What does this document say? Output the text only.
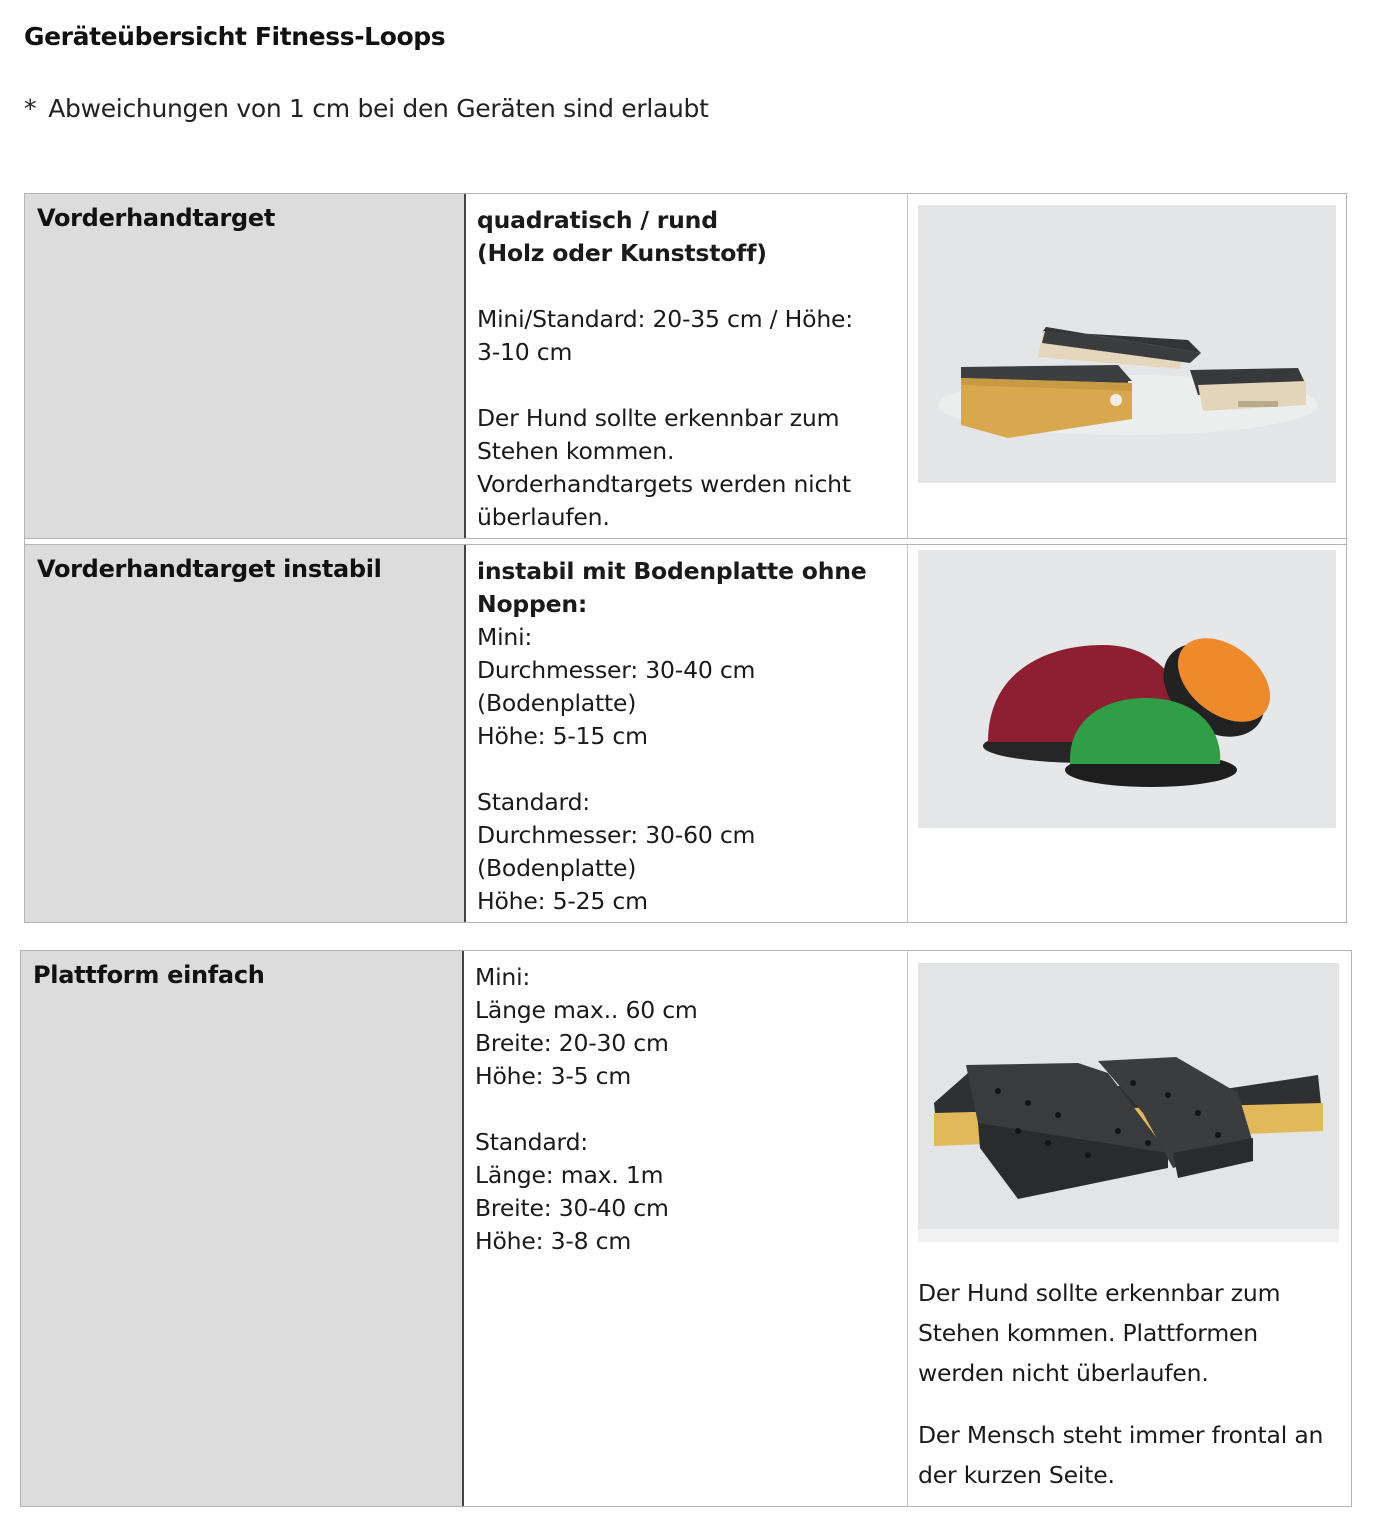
Geräteübersicht Fitness-Loops
* Abweichungen von 1 cm bei den Geräten sind erlaubt
Vorderhandtarget	quadratisch / rund
(Holz oder Kunststoff)
Mini/Standard: 20-35 cm / Höhe:
3-10 cm
Der Hund sollte erkennbar zum
Stehen kommen.
Vorderhandtargets werden nicht
überlaufen.
Vorderhandtarget instabil	instabil mit Bodenplatte ohne
Noppen:
Mini:
Durchmesser: 30-40 cm
(Bodenplatte)
Höhe: 5-15 cm
Standard:
Durchmesser: 30-60 cm
(Bodenplatte)
Höhe: 5-25 cm
Plattform einfach	Mini:
Länge max.. 60 cm
Breite: 20-30 cm
Höhe: 3-5 cm
Standard:
Länge: max. 1m
Breite: 30-40 cm
Höhe: 3-8 cm

Der Hund sollte erkennbar zum Stehen kommen. Plattformen werden nicht überlaufen.

Der Mensch steht immer frontal an der kurzen Seite.
